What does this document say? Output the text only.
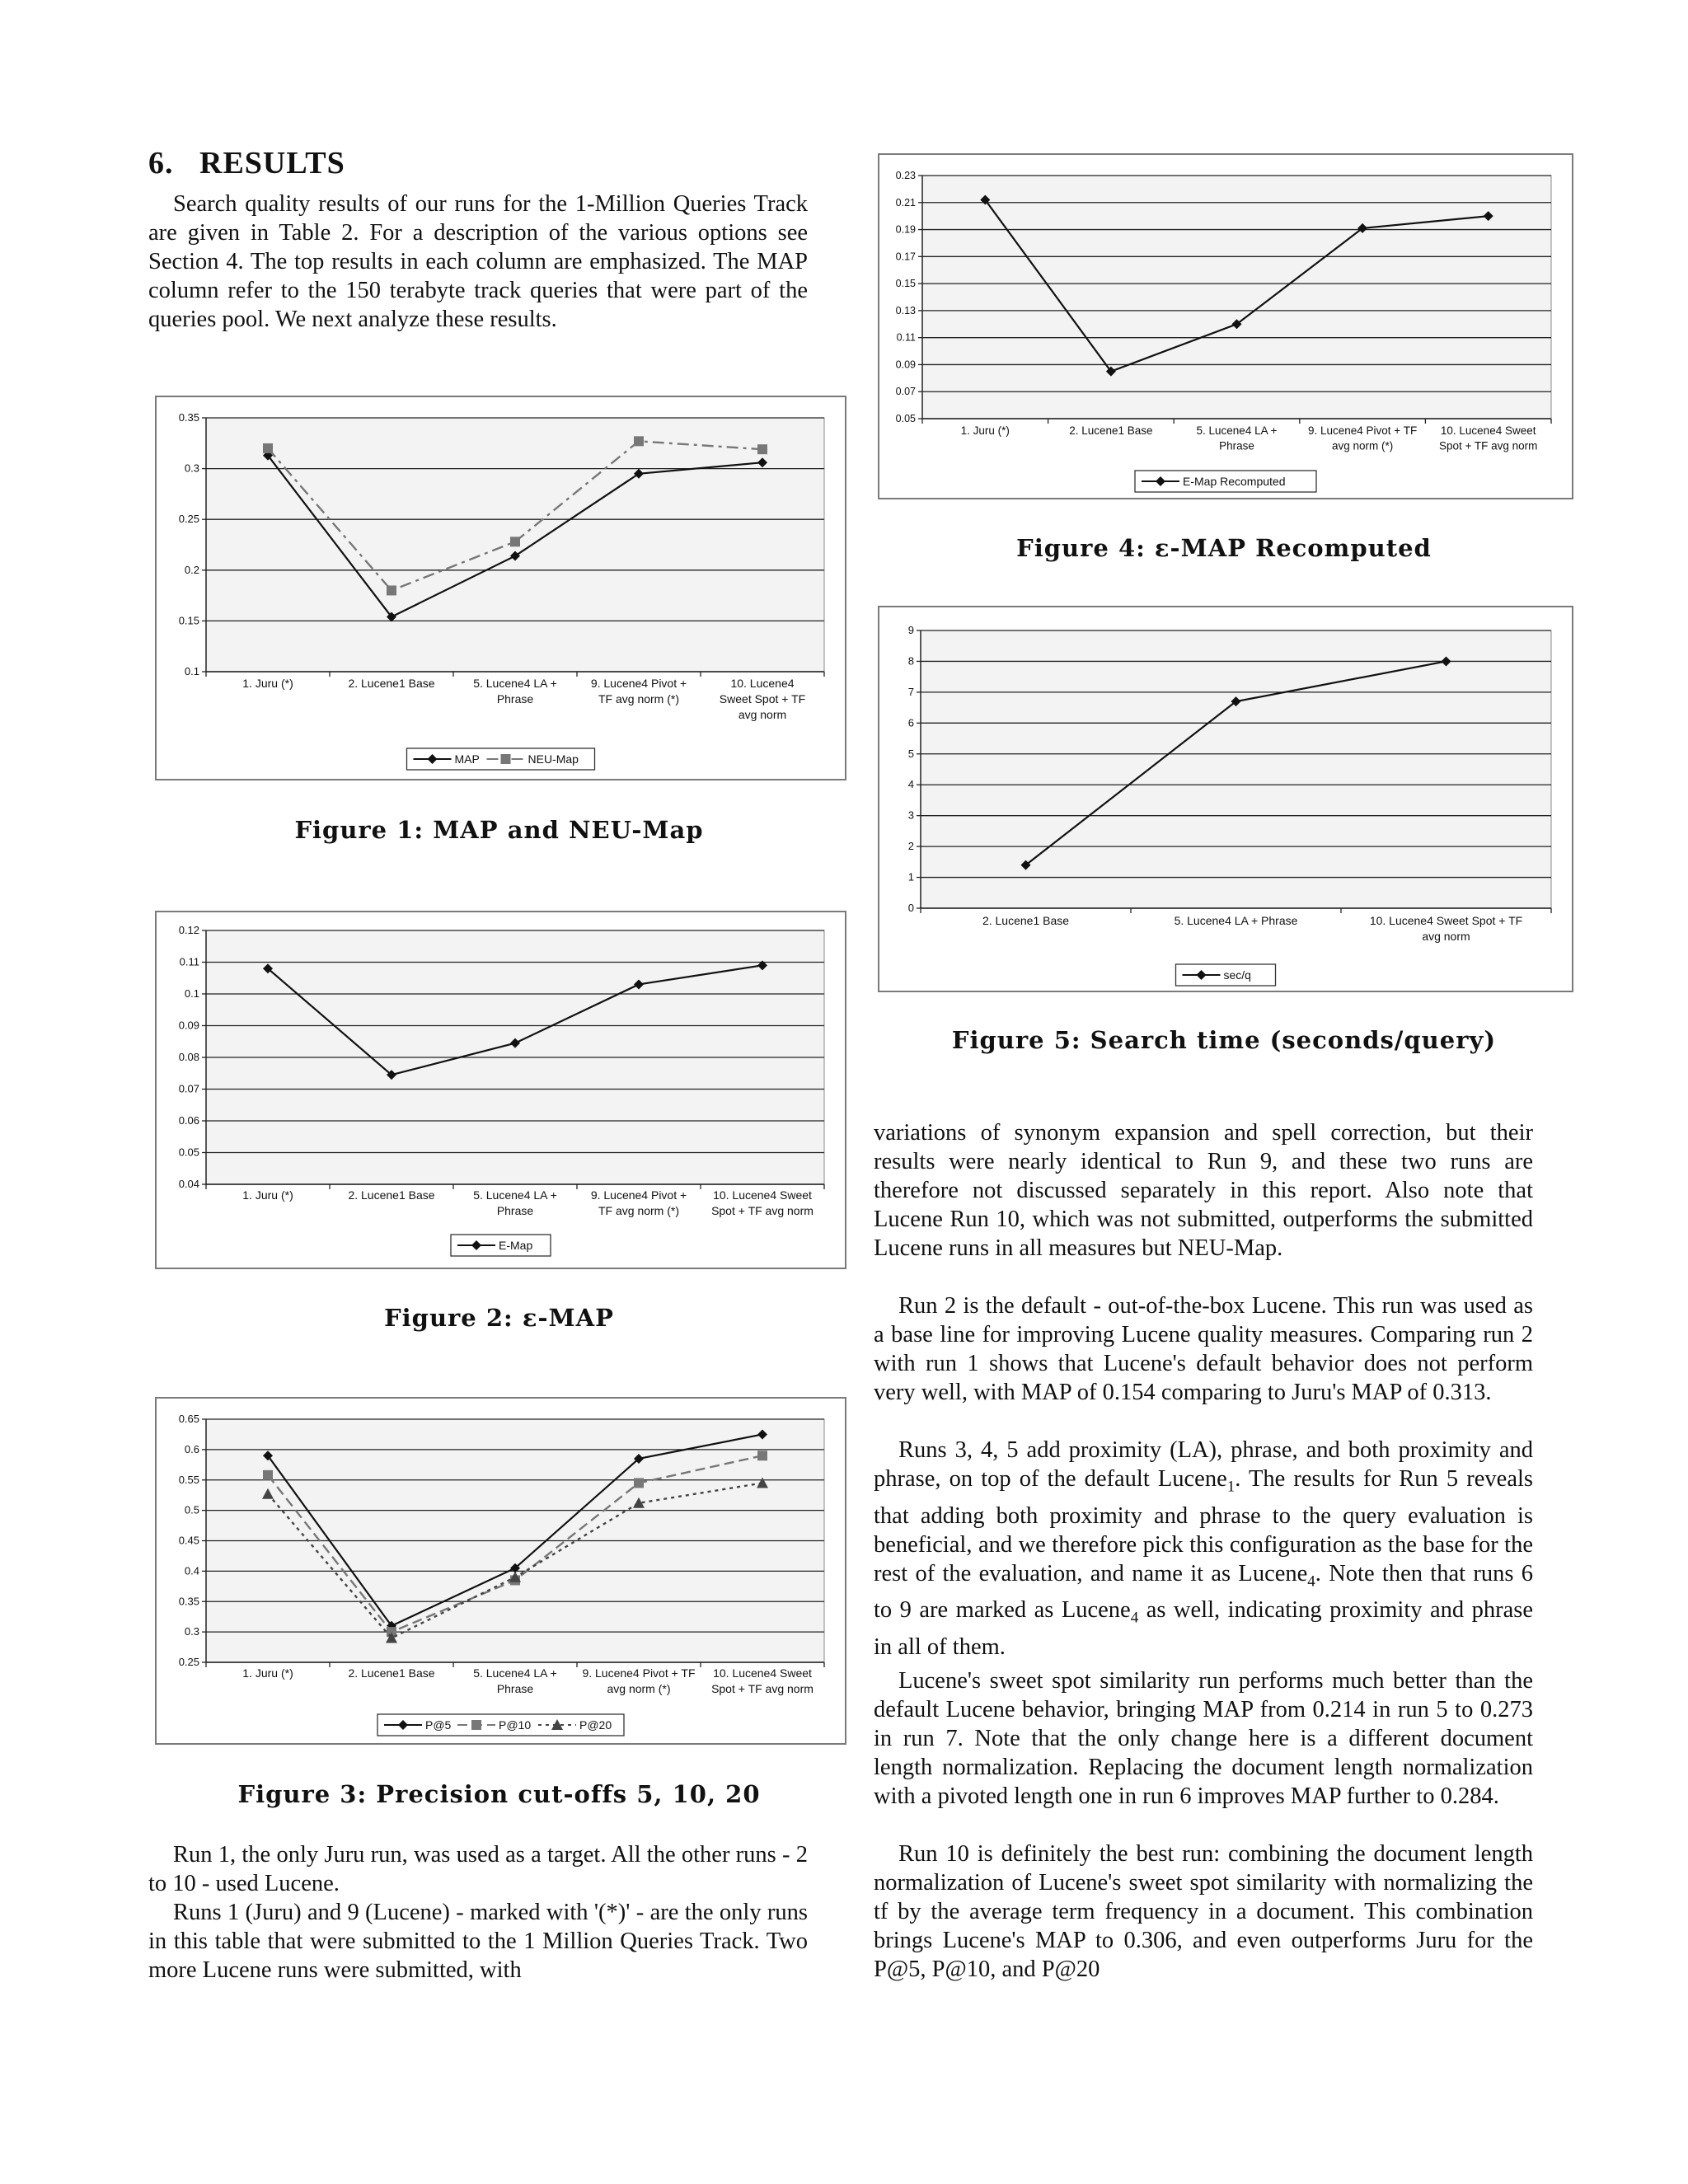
6. RESULTS

Search quality results of our runs for the 1-Million Queries Track are given in Table 2. For a description of the various options see Section 4. The top results in each column are emphasized. The MAP column refer to the 150 terabyte track queries that were part of the queries pool. We next analyze these results.

0.1
0.15
0.2
0.25
0.3
0.35
1. Juru (*)	2. Lucene1 Base	5. Lucene4 LA + Phrase
9. Lucene4 Pivot + TF avg norm (*)
10. Lucene4 Sweet Spot + TF avg norm
MAP	NEU-Map
Figure 1: MAP and NEU-Map
0.04
0.05
0.06
0.07
0.08
0.09
0.1
0.11
0.12
1. Juru (*)	2. Lucene1 Base	5. Lucene4 LA + Phrase
9. Lucene4 Pivot + TF avg norm (*)
10. Lucene4 Sweet Spot + TF avg norm
E-Map
Figure 2: ε-MAP
0.25
0.3
0.35
0.4
0.45
0.5
0.55
0.6
0.65
1. Juru (*)	2. Lucene1 Base	5. Lucene4 LA + Phrase
9. Lucene4 Pivot + TF avg norm (*)
10. Lucene4 Sweet Spot + TF avg norm
P@5	P@10	P@20
Figure 3: Precision cut-offs 5, 10, 20

Run 1, the only Juru run, was used as a target. All the other runs - 2 to 10 - used Lucene.

Runs 1 (Juru) and 9 (Lucene) - marked with '(*)' - are the only runs in this table that were submitted to the 1 Million Queries Track. Two more Lucene runs were submitted, with

0.05
0.07
0.09
0.11
0.13
0.15
0.17
0.19
0.21
0.23
1. Juru (*)	2. Lucene1 Base	5. Lucene4 LA + Phrase
9. Lucene4 Pivot + TF avg norm (*)
10. Lucene4 Sweet Spot + TF avg norm
E-Map Recomputed
Figure 4: ε-MAP Recomputed
0
1
2
3
4
5
6
7
8
9
2. Lucene1 Base	5. Lucene4 LA + Phrase	10. Lucene4 Sweet Spot + TF avg norm
sec/q
Figure 5: Search time (seconds/query)

variations of synonym expansion and spell correction, but their results were nearly identical to Run 9, and these two runs are therefore not discussed separately in this report. Also note that Lucene Run 10, which was not submitted, outperforms the submitted Lucene runs in all measures but NEU-Map.

Run 2 is the default - out-of-the-box Lucene. This run was used as a base line for improving Lucene quality measures. Comparing run 2 with run 1 shows that Lucene's default behavior does not perform very well, with MAP of 0.154 comparing to Juru's MAP of 0.313.

Runs 3, 4, 5 add proximity (LA), phrase, and both proximity and phrase, on top of the default Lucene$_1$. The results for Run 5 reveals that adding both proximity and phrase to the query evaluation is beneficial, and we therefore pick this configuration as the base for the rest of the evaluation, and name it as Lucene$_4$. Note then that runs 6 to 9 are marked as Lucene$_4$ as well, indicating proximity and phrase in all of them.

Lucene's sweet spot similarity run performs much better than the default Lucene behavior, bringing MAP from 0.214 in run 5 to 0.273 in run 7. Note that the only change here is a different document length normalization. Replacing the document length normalization with a pivoted length one in run 6 improves MAP further to 0.284.

Run 10 is definitely the best run: combining the document length normalization of Lucene's sweet spot similarity with normalizing the tf by the average term frequency in a document. This combination brings Lucene's MAP to 0.306, and even outperforms Juru for the P@5, P@10, and P@20
